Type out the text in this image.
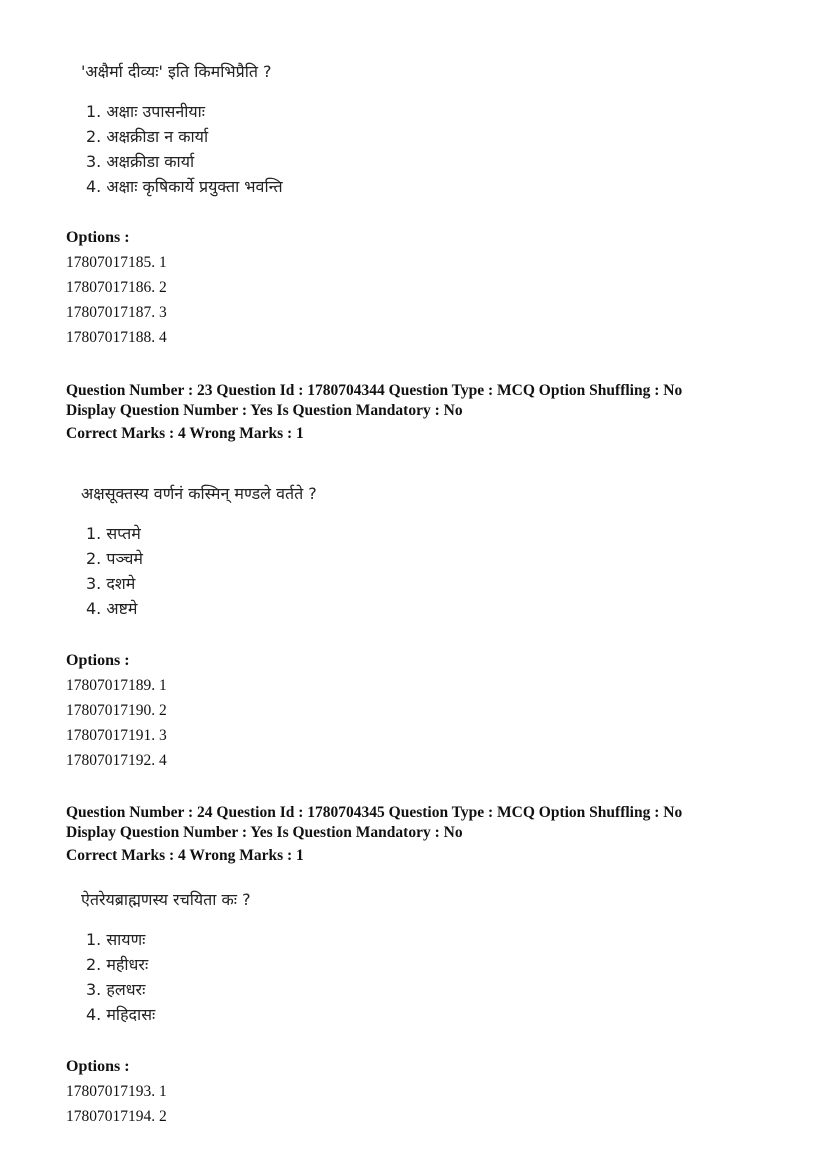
'अक्षैर्मा दीव्यः' इति किमभिप्रैति ?
1. अक्षाः उपासनीयाः
2. अक्षक्रीडा न कार्या
3. अक्षक्रीडा कार्या
4. अक्षाः कृषिकार्ये प्रयुक्ता भवन्ति
Options :
17807017185. 1
17807017186. 2
17807017187. 3
17807017188. 4
Question Number : 23 Question Id : 1780704344 Question Type : MCQ Option Shuffling : No
Display Question Number : Yes Is Question Mandatory : No
Correct Marks : 4 Wrong Marks : 1
अक्षसूक्तस्य वर्णनं कस्मिन् मण्डले वर्तते ?
1. सप्तमे
2. पञ्चमे
3. दशमे
4. अष्टमे
Options :
17807017189. 1
17807017190. 2
17807017191. 3
17807017192. 4
Question Number : 24 Question Id : 1780704345 Question Type : MCQ Option Shuffling : No
Display Question Number : Yes Is Question Mandatory : No
Correct Marks : 4 Wrong Marks : 1
ऐतरेयब्राह्मणस्य रचयिता कः ?
1. सायणः
2. महीधरः
3. हलधरः
4. महिदासः
Options :
17807017193. 1
17807017194. 2
